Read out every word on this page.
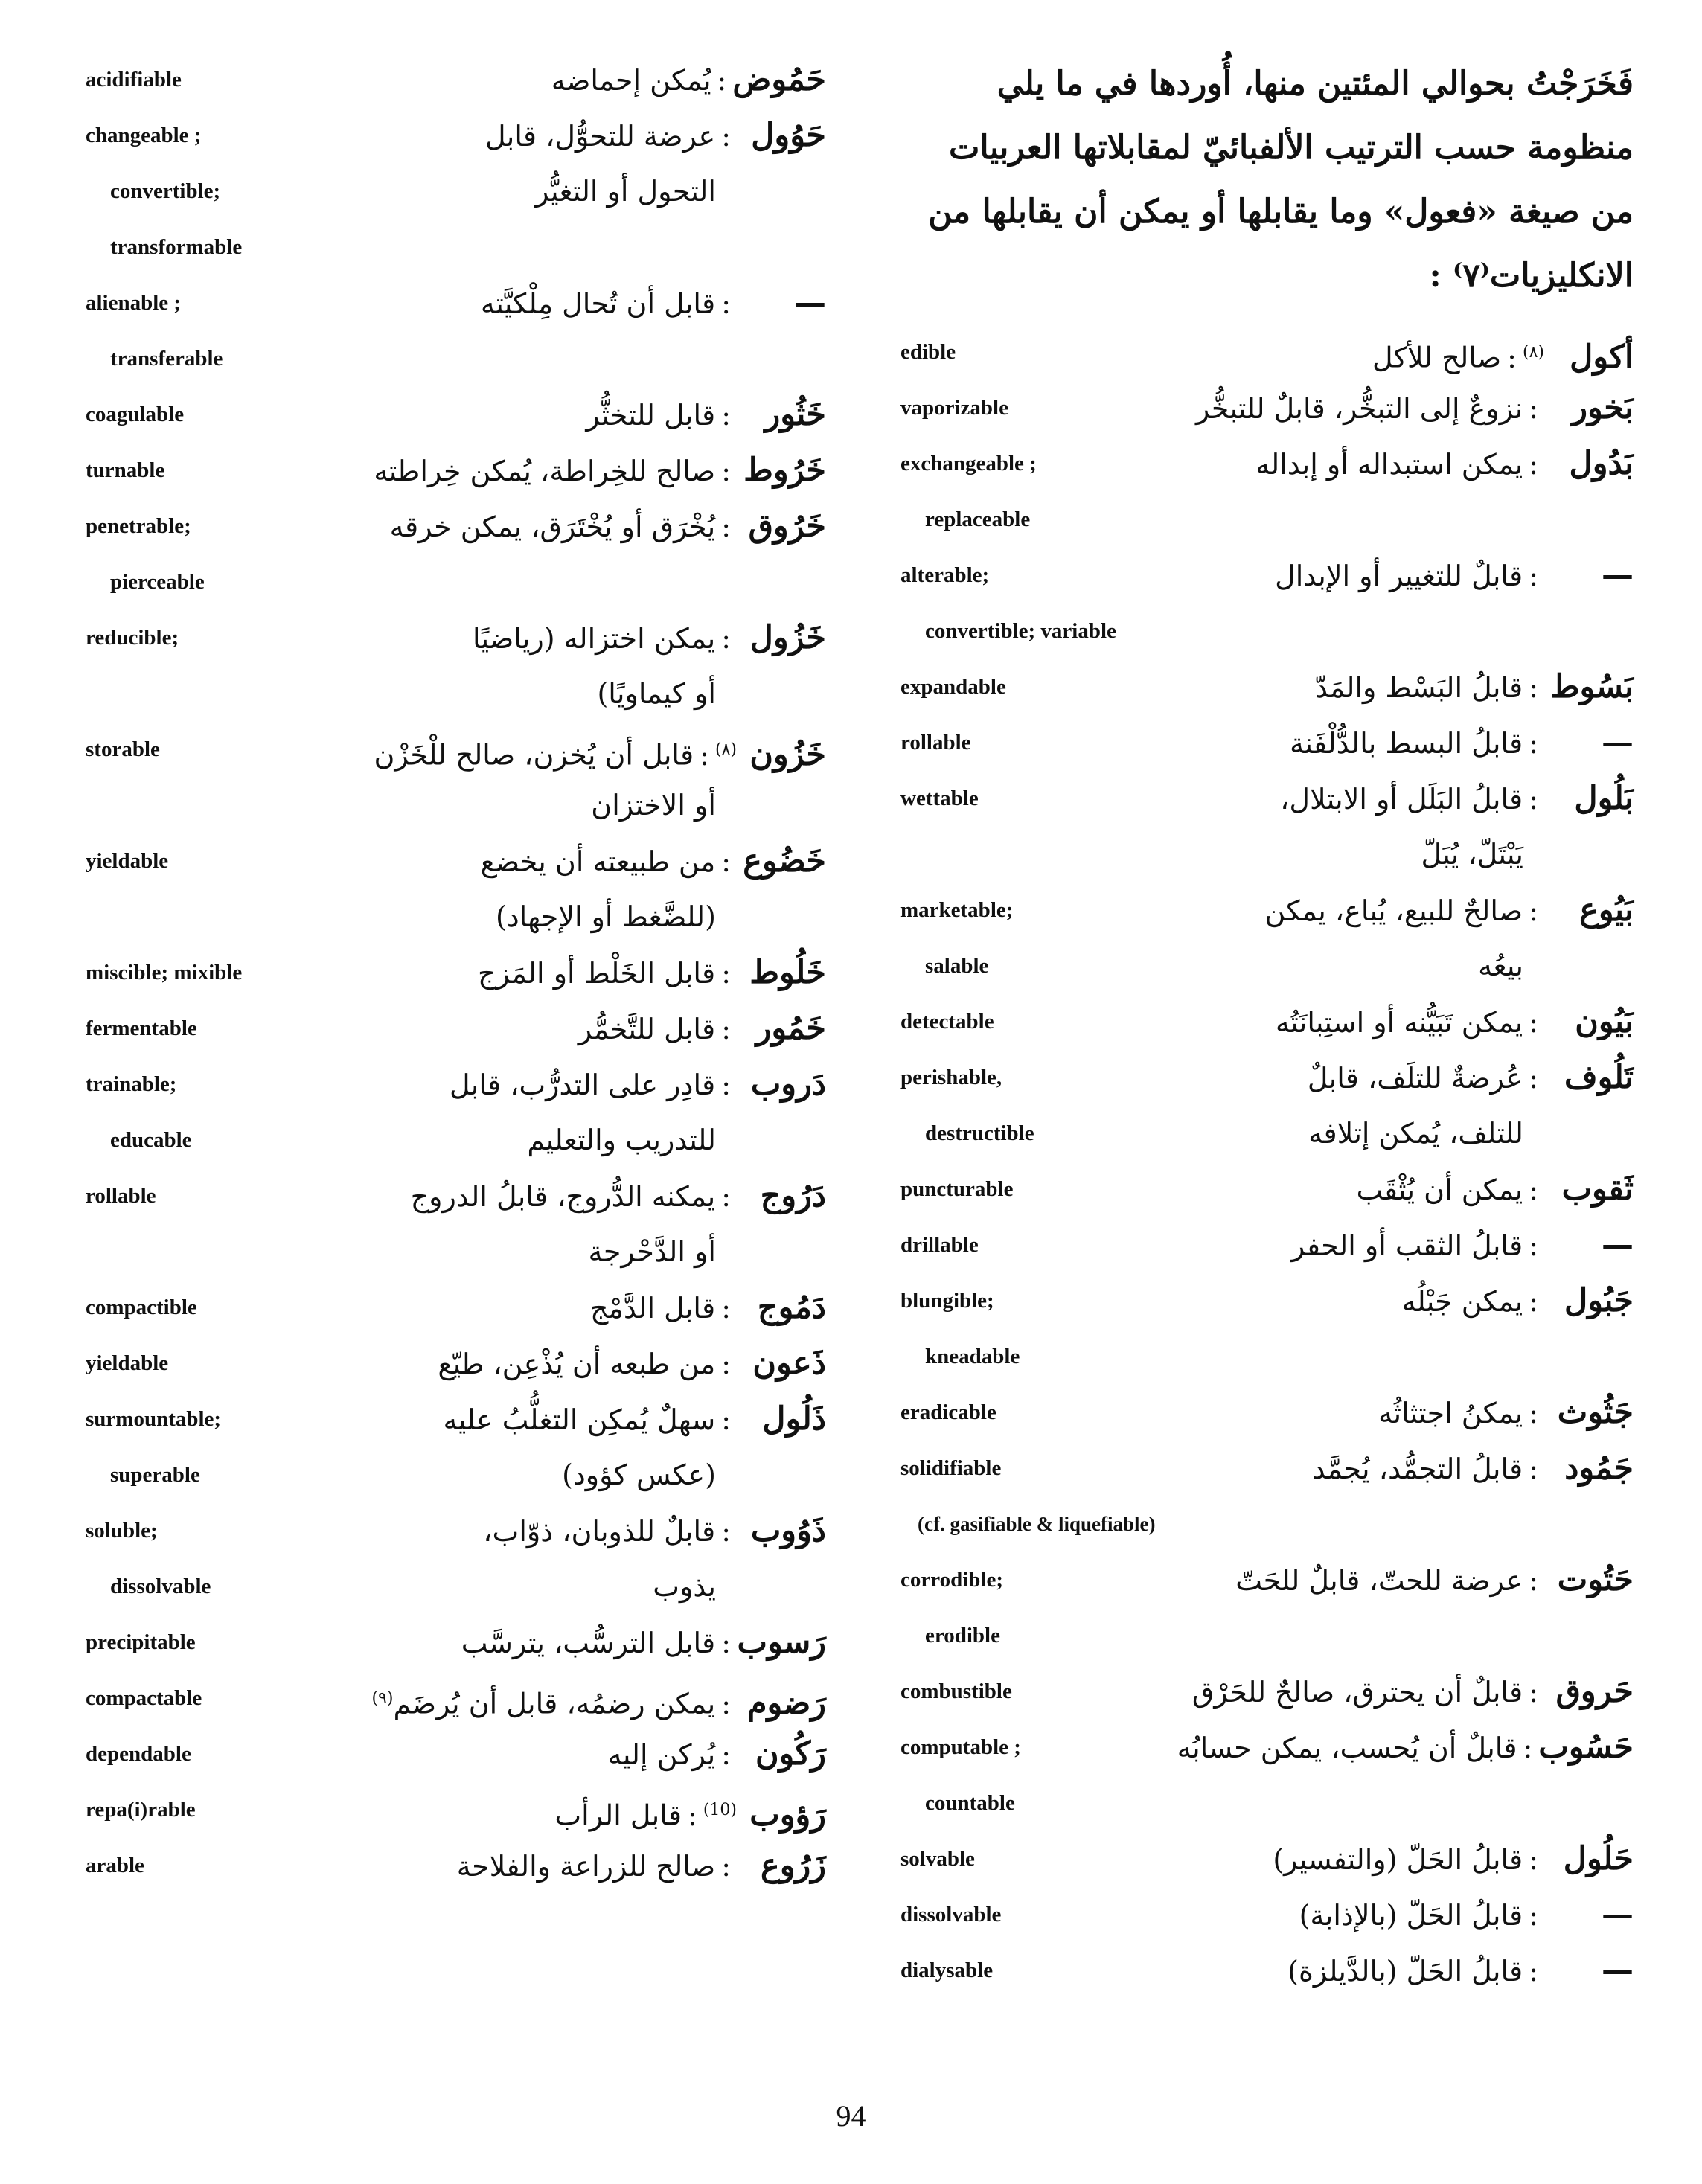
فَخَرَجْتُ بحوالي المئتين منها، أُوردها في ما يلي
منظومة حسب الترتيب الألفبائيّ لمقابلاتها العربيات
من صيغة «فعول» وما يقابلها أو يمكن أن يقابلها من
الانكليزيات⁽٧⁾ :
edible	أكول$^{(٨)}$:صالح للأكل
vaporizable	بَخور:نزوعٌ إلى التبخُّر، قابلٌ للتبخُّر
exchangeable ;	بَدُول:يمكن استبداله أو إبداله
replaceable

alterable;	—:قابلٌ للتغيير أو الإبدال
convertible; variable

expandable	بَسُوط:قابلُ البَسْط والمَدّ
rollable	—:قابلُ البسط بالدُّلْفَنة
wettable	بَلُول:قابلُ البَلَل أو الابتلال،
يَبْتَلّ، يُبَلّ
marketable;	بَيُوع:صالحٌ للبيع، يُباع، يمكن
salable	بيعُه
detectable	بَيُون:يمكن تَبَيُّنه أو استِبانَتُه
perishable,	تَلُوف:عُرضةٌ للتلَف، قابلٌ
destructible	للتلف، يُمكن إتلافه
puncturable	ثَقوب:يمكن أن يُثْقَب
drillable	—:قابلُ الثقب أو الحفر
blungible;	جَبُول:يمكن جَبْلُه
kneadable

eradicable	جَثُوث:يمكنُ اجتثاثُه
solidifiable	جَمُود:قابلُ التجمُّد، يُجمَّد
(cf. gasifiable & liquefiable)
corrodible;	حَتُوت:عرضة للحتّ، قابلٌ للحَتّ
erodible

combustible	حَروق:قابلٌ أن يحترق، صالحٌ للحَرْق
computable ;	حَسُوب:قابلٌ أن يُحسب، يمكن حسابُه
countable

solvable	حَلُول:قابلُ الحَلّ (والتفسير)
dissolvable	—:قابلُ الحَلّ (بالإذابة)
dialysable	—:قابلُ الحَلّ (بالدَّيلزة)
acidifiable	حَمُوض:يُمكن إحماضه
changeable ;	حَوُول:عرضة للتحوُّل، قابل
convertible;	التحول أو التغيُّر
transformable

alienable ;	—:قابل أن تُحال مِلْكيَّته
transferable

coagulable	خَثُور:قابل للتخثُّر
turnable	خَرُوط:صالح للخِراطة، يُمكن خِراطته
penetrable;	خَرُوق:يُخْرَق أو يُخْتَرَق، يمكن خرقه
pierceable

reducible;	خَزُول:يمكن اختزاله (رياضيًا
أو كيماويًا)
storable	خَزُون$^{(٨)}$:قابل أن يُخزن، صالح للْخَزْن
أو الاختزان
yieldable	خَضُوع:من طبيعته أن يخضع
(للضَّغط أو الإجهاد)
miscible; mixible	خَلُوط:قابل الخَلْط أو المَزج
fermentable	خَمُور:قابل للتَّخمُّر
trainable;	دَروب:قادِر على التدرُّب، قابل
educable	للتدريب والتعليم
rollable	دَرُوج:يمكنه الدُّروج، قابلُ الدروج
أو الدَّحْرجة
compactible	دَمُوج:قابل الدَّمْج
yieldable	ذَعون:من طبعه أن يُذْعِن، طيّع
surmountable;	ذَلُول:سهلٌ يُمكِن التغلُّبُ عليه
superable	(عكس كؤود)
soluble;	ذَوُوب:قابلٌ للذوبان، ذوّاب،
dissolvable	يذوب
precipitable	رَسوب:قابل الترسُّب، يترسَّب
compactable	رَضوم:يمكن رضمُه، قابل أن يُرضَم$^{(٩)}$
dependable	رَكُون:يُركن إليه
repa(i)rable	رَؤوب$^{(10)}$:قابل الرأب
arable	زَرُوع:صالح للزراعة والفلاحة
94
